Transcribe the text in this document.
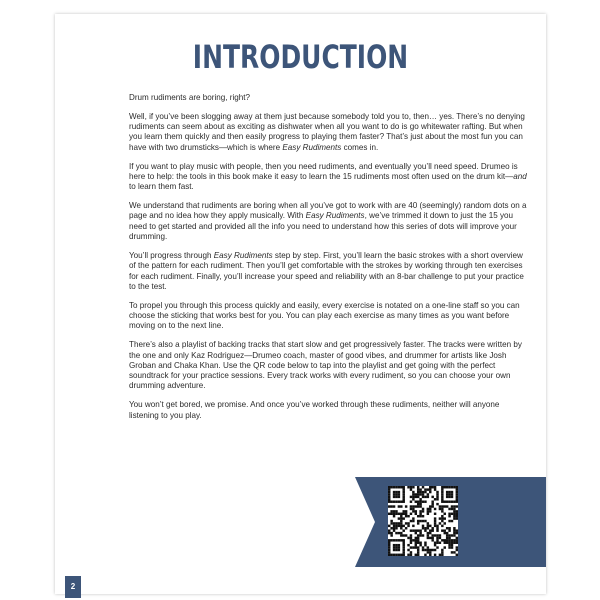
INTRODUCTION

Drum rudiments are boring, right?

Well, if you’ve been slogging away at them just because somebody told you to, then… yes. There’s no denying rudiments can seem about as exciting as dishwater when all you want to do is go whitewater rafting. But when you learn them quickly and then easily progress to playing them faster? That’s just about the most fun you can have with two drumsticks—which is where Easy Rudiments comes in.

If you want to play music with people, then you need rudiments, and eventually you’ll need speed. Drumeo is here to help: the tools in this book make it easy to learn the 15 rudiments most often used on the drum kit—and to learn them fast.

We understand that rudiments are boring when all you’ve got to work with are 40 (seemingly) random dots on a page and no idea how they apply musically. With Easy Rudiments, we’ve trimmed it down to just the 15 you need to get started and provided all the info you need to understand how this series of dots will improve your drumming.

You’ll progress through Easy Rudiments step by step. First, you’ll learn the basic strokes with a short overview of the pattern for each rudiment. Then you’ll get comfortable with the strokes by working through ten exercises for each rudiment. Finally, you’ll increase your speed and reliability with an 8-bar challenge to put your practice to the test.

To propel you through this process quickly and easily, every exercise is notated on a one-line staff so you can choose the sticking that works best for you. You can play each exercise as many times as you want before moving on to the next line.

There’s also a playlist of backing tracks that start slow and get progressively faster. The tracks were written by the one and only Kaz Rodriguez—Drumeo coach, master of good vibes, and drummer for artists like Josh Groban and Chaka Khan. Use the QR code below to tap into the playlist and get going with the perfect soundtrack for your practice sessions. Every track works with every rudiment, so you can choose your own drumming adventure.

You won’t get bored, we promise. And once you’ve worked through these rudiments, neither will anyone listening to you play.

2
